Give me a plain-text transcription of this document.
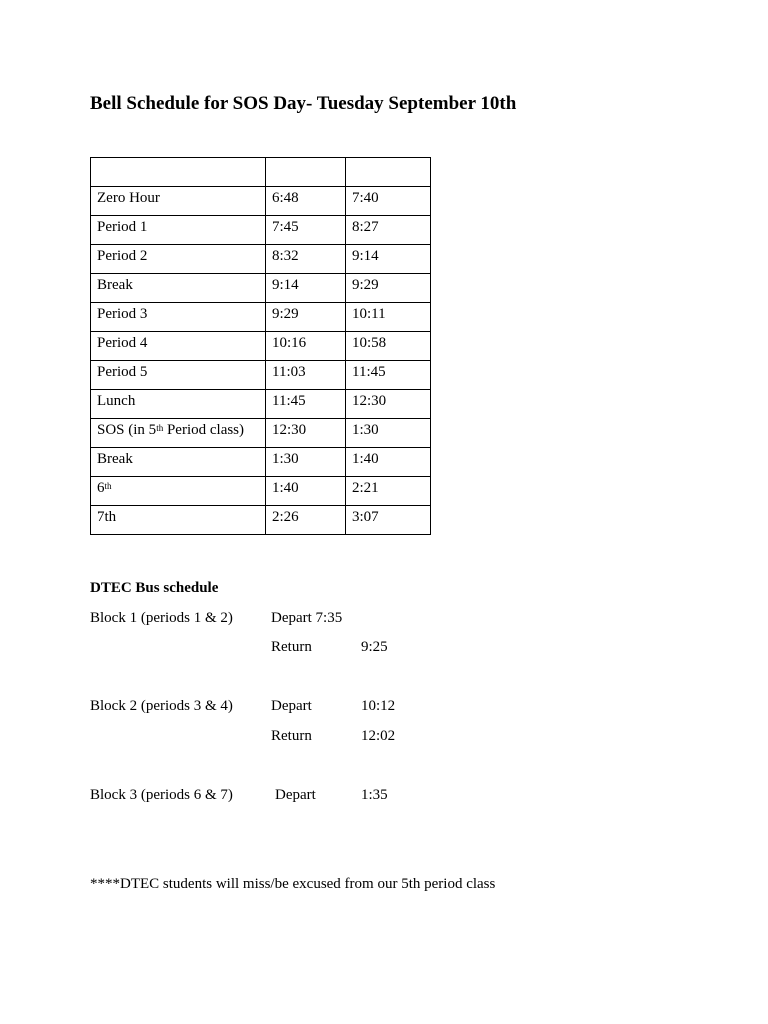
Bell Schedule for SOS Day- Tuesday September 10th

Zero Hour	6:48	7:40
Period 1	7:45	8:27
Period 2	8:32	9:14
Break	9:14	9:29
Period 3	9:29	10:11
Period 4	10:16	10:58
Period 5	11:03	11:45
Lunch	11:45	12:30
SOS (in 5th Period class)	12:30	1:30
Break	1:30	1:40
6th	1:40	2:21
7th	2:26	3:07
DTEC Bus schedule
Block 1 (periods 1 & 2)	Depart 7:35
Return	9:25
Block 2 (periods 3 & 4)	Depart	10:12
Return	12:02
Block 3 (periods 6 & 7)	Depart	1:35
****DTEC students will miss/be excused from our 5th period class
